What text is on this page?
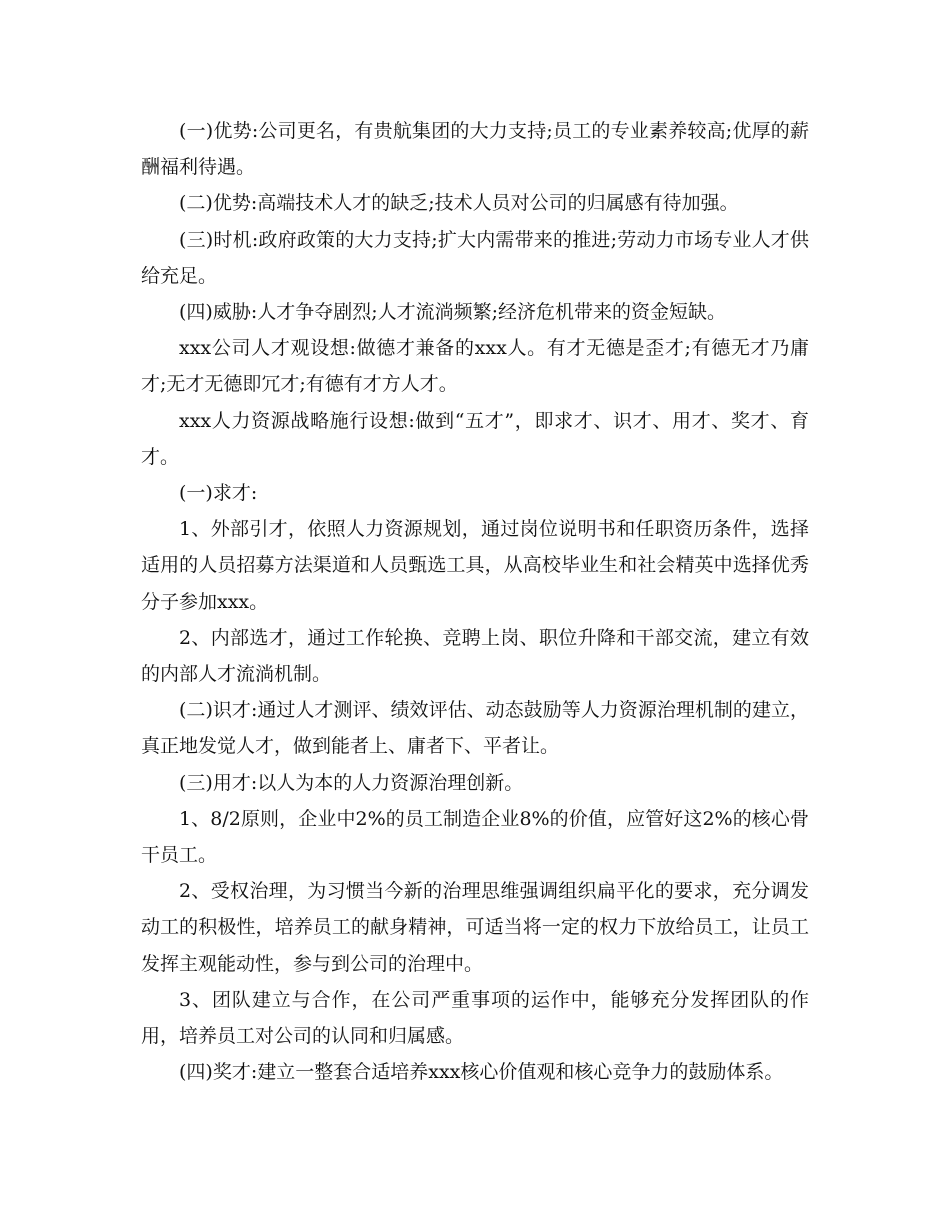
(一)优势:公司更名，有贵航集团的大力支持;员工的专业素养较高;优厚的薪酬福利待遇。

(二)优势:高端技术人才的缺乏;技术人员对公司的归属感有待加强。

(三)时机:政府政策的大力支持;扩大内需带来的推进;劳动力市场专业人才供给充足。

(四)威胁:人才争夺剧烈;人才流淌频繁;经济危机带来的资金短缺。

xxx公司人才观设想:做德才兼备的xxx人。有才无德是歪才;有德无才乃庸才;无才无德即冗才;有德有才方人才。

xxx人力资源战略施行设想:做到“五才”，即求才、识才、用才、奖才、育才。

(一)求才:

1、外部引才，依照人力资源规划，通过岗位说明书和任职资历条件，选择适用的人员招募方法渠道和人员甄选工具，从高校毕业生和社会精英中选择优秀分子参加xxx。

2、内部选才，通过工作轮换、竞聘上岗、职位升降和干部交流，建立有效的内部人才流淌机制。

(二)识才:通过人才测评、绩效评估、动态鼓励等人力资源治理机制的建立，真正地发觉人才，做到能者上、庸者下、平者让。

(三)用才:以人为本的人力资源治理创新。

1、8/2原则，企业中2%的员工制造企业8%的价值，应管好这2%的核心骨干员工。

2、受权治理，为习惯当今新的治理思维强调组织扁平化的要求，充分调发动工的积极性，培养员工的献身精神，可适当将一定的权力下放给员工，让员工发挥主观能动性，参与到公司的治理中。

3、团队建立与合作，在公司严重事项的运作中，能够充分发挥团队的作用，培养员工对公司的认同和归属感。

(四)奖才:建立一整套合适培养xxx核心价值观和核心竞争力的鼓励体系。
